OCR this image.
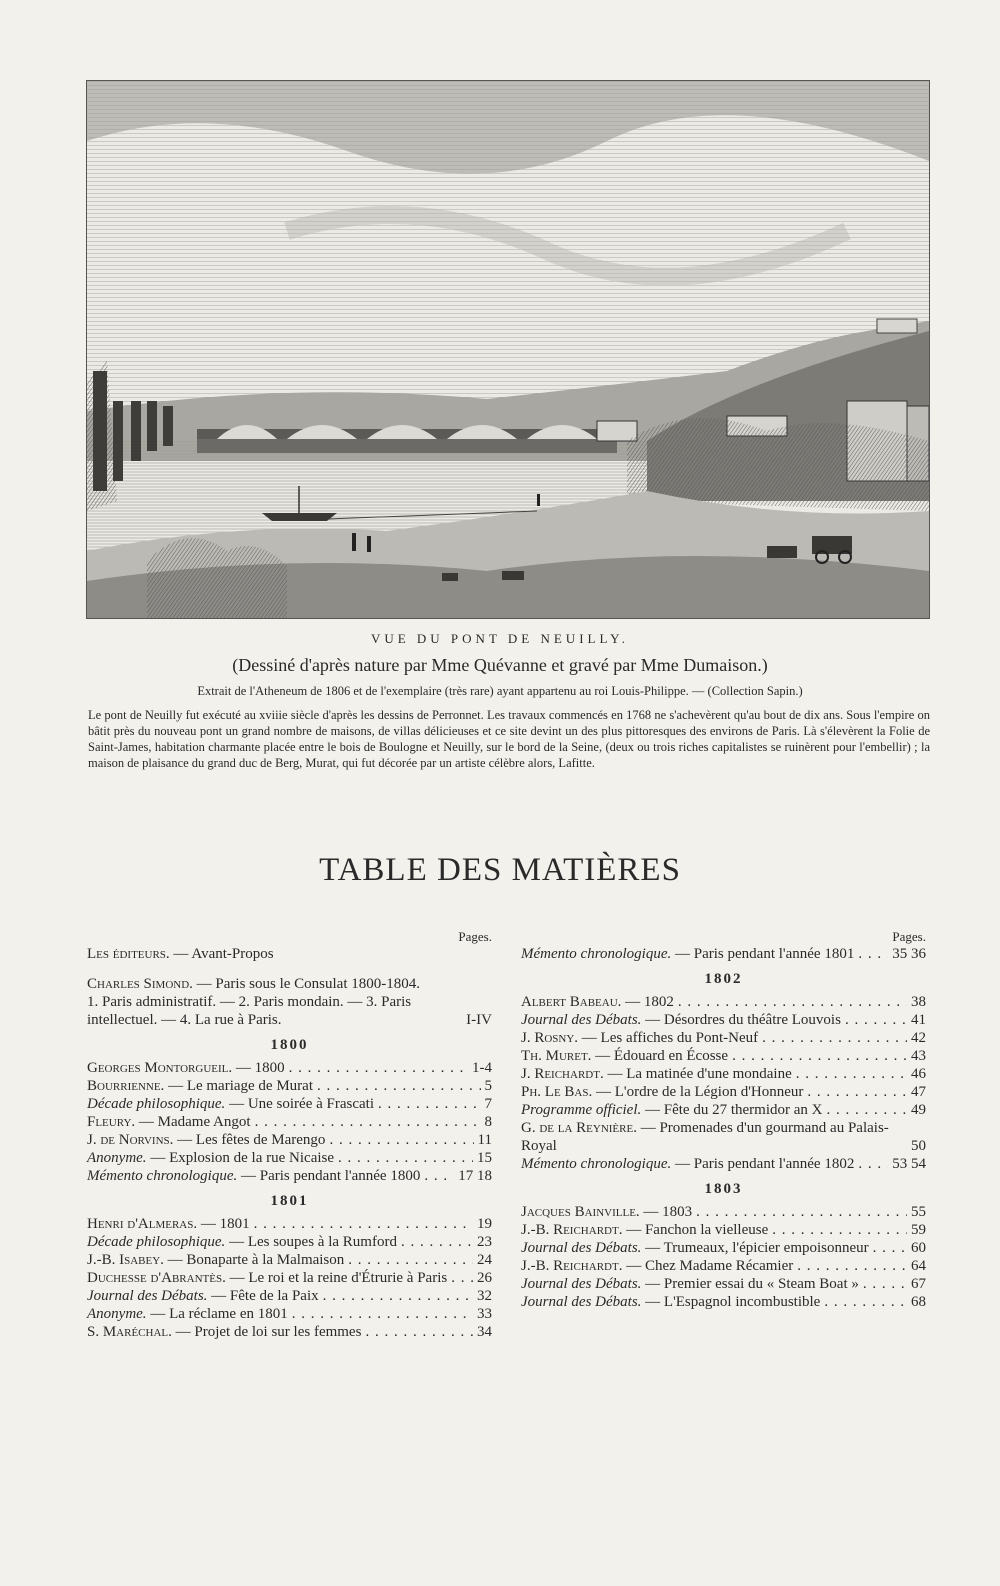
VUE DU PONT DE NEUILLY.
(Dessiné d'après nature par Mme Quévanne et gravé par Mme Dumaison.)
Extrait de l'Atheneum de 1806 et de l'exemplaire (très rare) ayant appartenu au roi Louis-Philippe. — (Collection Sapin.)
Le pont de Neuilly fut exécuté au xviiie siècle d'après les dessins de Perronnet. Les travaux commencés en 1768 ne s'achevèrent qu'au bout de dix ans. Sous l'empire on bâtit près du nouveau pont un grand nombre de maisons, de villas délicieuses et ce site devint un des plus pittoresques des environs de Paris. Là s'élevèrent la Folie de Saint-James, habitation charmante placée entre le bois de Boulogne et Neuilly, sur le bord de la Seine, (deux ou trois riches capitalistes se ruinèrent pour l'embellir) ; la maison de plaisance du grand duc de Berg, Murat, qui fut décorée par un artiste célèbre alors, Lafitte.
TABLE DES MATIÈRES
Pages.
Les éditeurs. — Avant-Propos
Charles Simond. — Paris sous le Consulat 1800-1804.
1. Paris administratif. — 2. Paris mondain. — 3. Paris intellectuel. — 4. La rue à Paris.	I-IV
1800
Georges Montorgueil. — 1800 . . .	1-4
Bourrienne. — Le mariage de Murat . . .	5
Décade philosophique. — Une soirée à Frascati . . .	7
Fleury. — Madame Angot . . .	8
J. de Norvins. — Les fêtes de Marengo . . .	11
Anonyme. — Explosion de la rue Nicaise . . .	15
Mémento chronologique. — Paris pendant l'année 1800 . . .	17 18
1801
Henri d'Almeras. — 1801 . . .	19
Décade philosophique. — Les soupes à la Rumford . . .	23
J.-B. Isabey. — Bonaparte à la Malmaison . . .	24
Duchesse d'Abrantès. — Le roi et la reine d'Étrurie à Paris . . . 26
Journal des Débats. — Fête de la Paix . . .	32
Anonyme. — La réclame en 1801 . . .	33
S. Maréchal. — Projet de loi sur les femmes . . .	34
Pages.
Mémento chronologique. — Paris pendant l'année 1801 . . .	35 36
1802
Albert Babeau. — 1802 . . .	38
Journal des Débats. — Désordres du théâtre Louvois . . .	41
J. Rosny. — Les affiches du Pont-Neuf . . .	42
Th. Muret. — Édouard en Écosse . . .	43
J. Reichardt. — La matinée d'une mondaine . . .	46
Ph. Le Bas. — L'ordre de la Légion d'Honneur . . .	47
Programme officiel. — Fête du 27 thermidor an X . . .	49
G. de la Reynière. — Promenades d'un gourmand au Palais-Royal	50
Mémento chronologique. — Paris pendant l'année 1802 . . .	53 54
1803
Jacques Bainville. — 1803 . . .	55
J.-B. Reichardt. — Fanchon la vielleuse . . .	59
Journal des Débats. — Trumeaux, l'épicier empoisonneur . . .	60
J.-B. Reichardt. — Chez Madame Récamier . . .	64
Journal des Débats. — Premier essai du « Steam Boat » . . .	67
Journal des Débats. — L'Espagnol incombustible . . .	68
